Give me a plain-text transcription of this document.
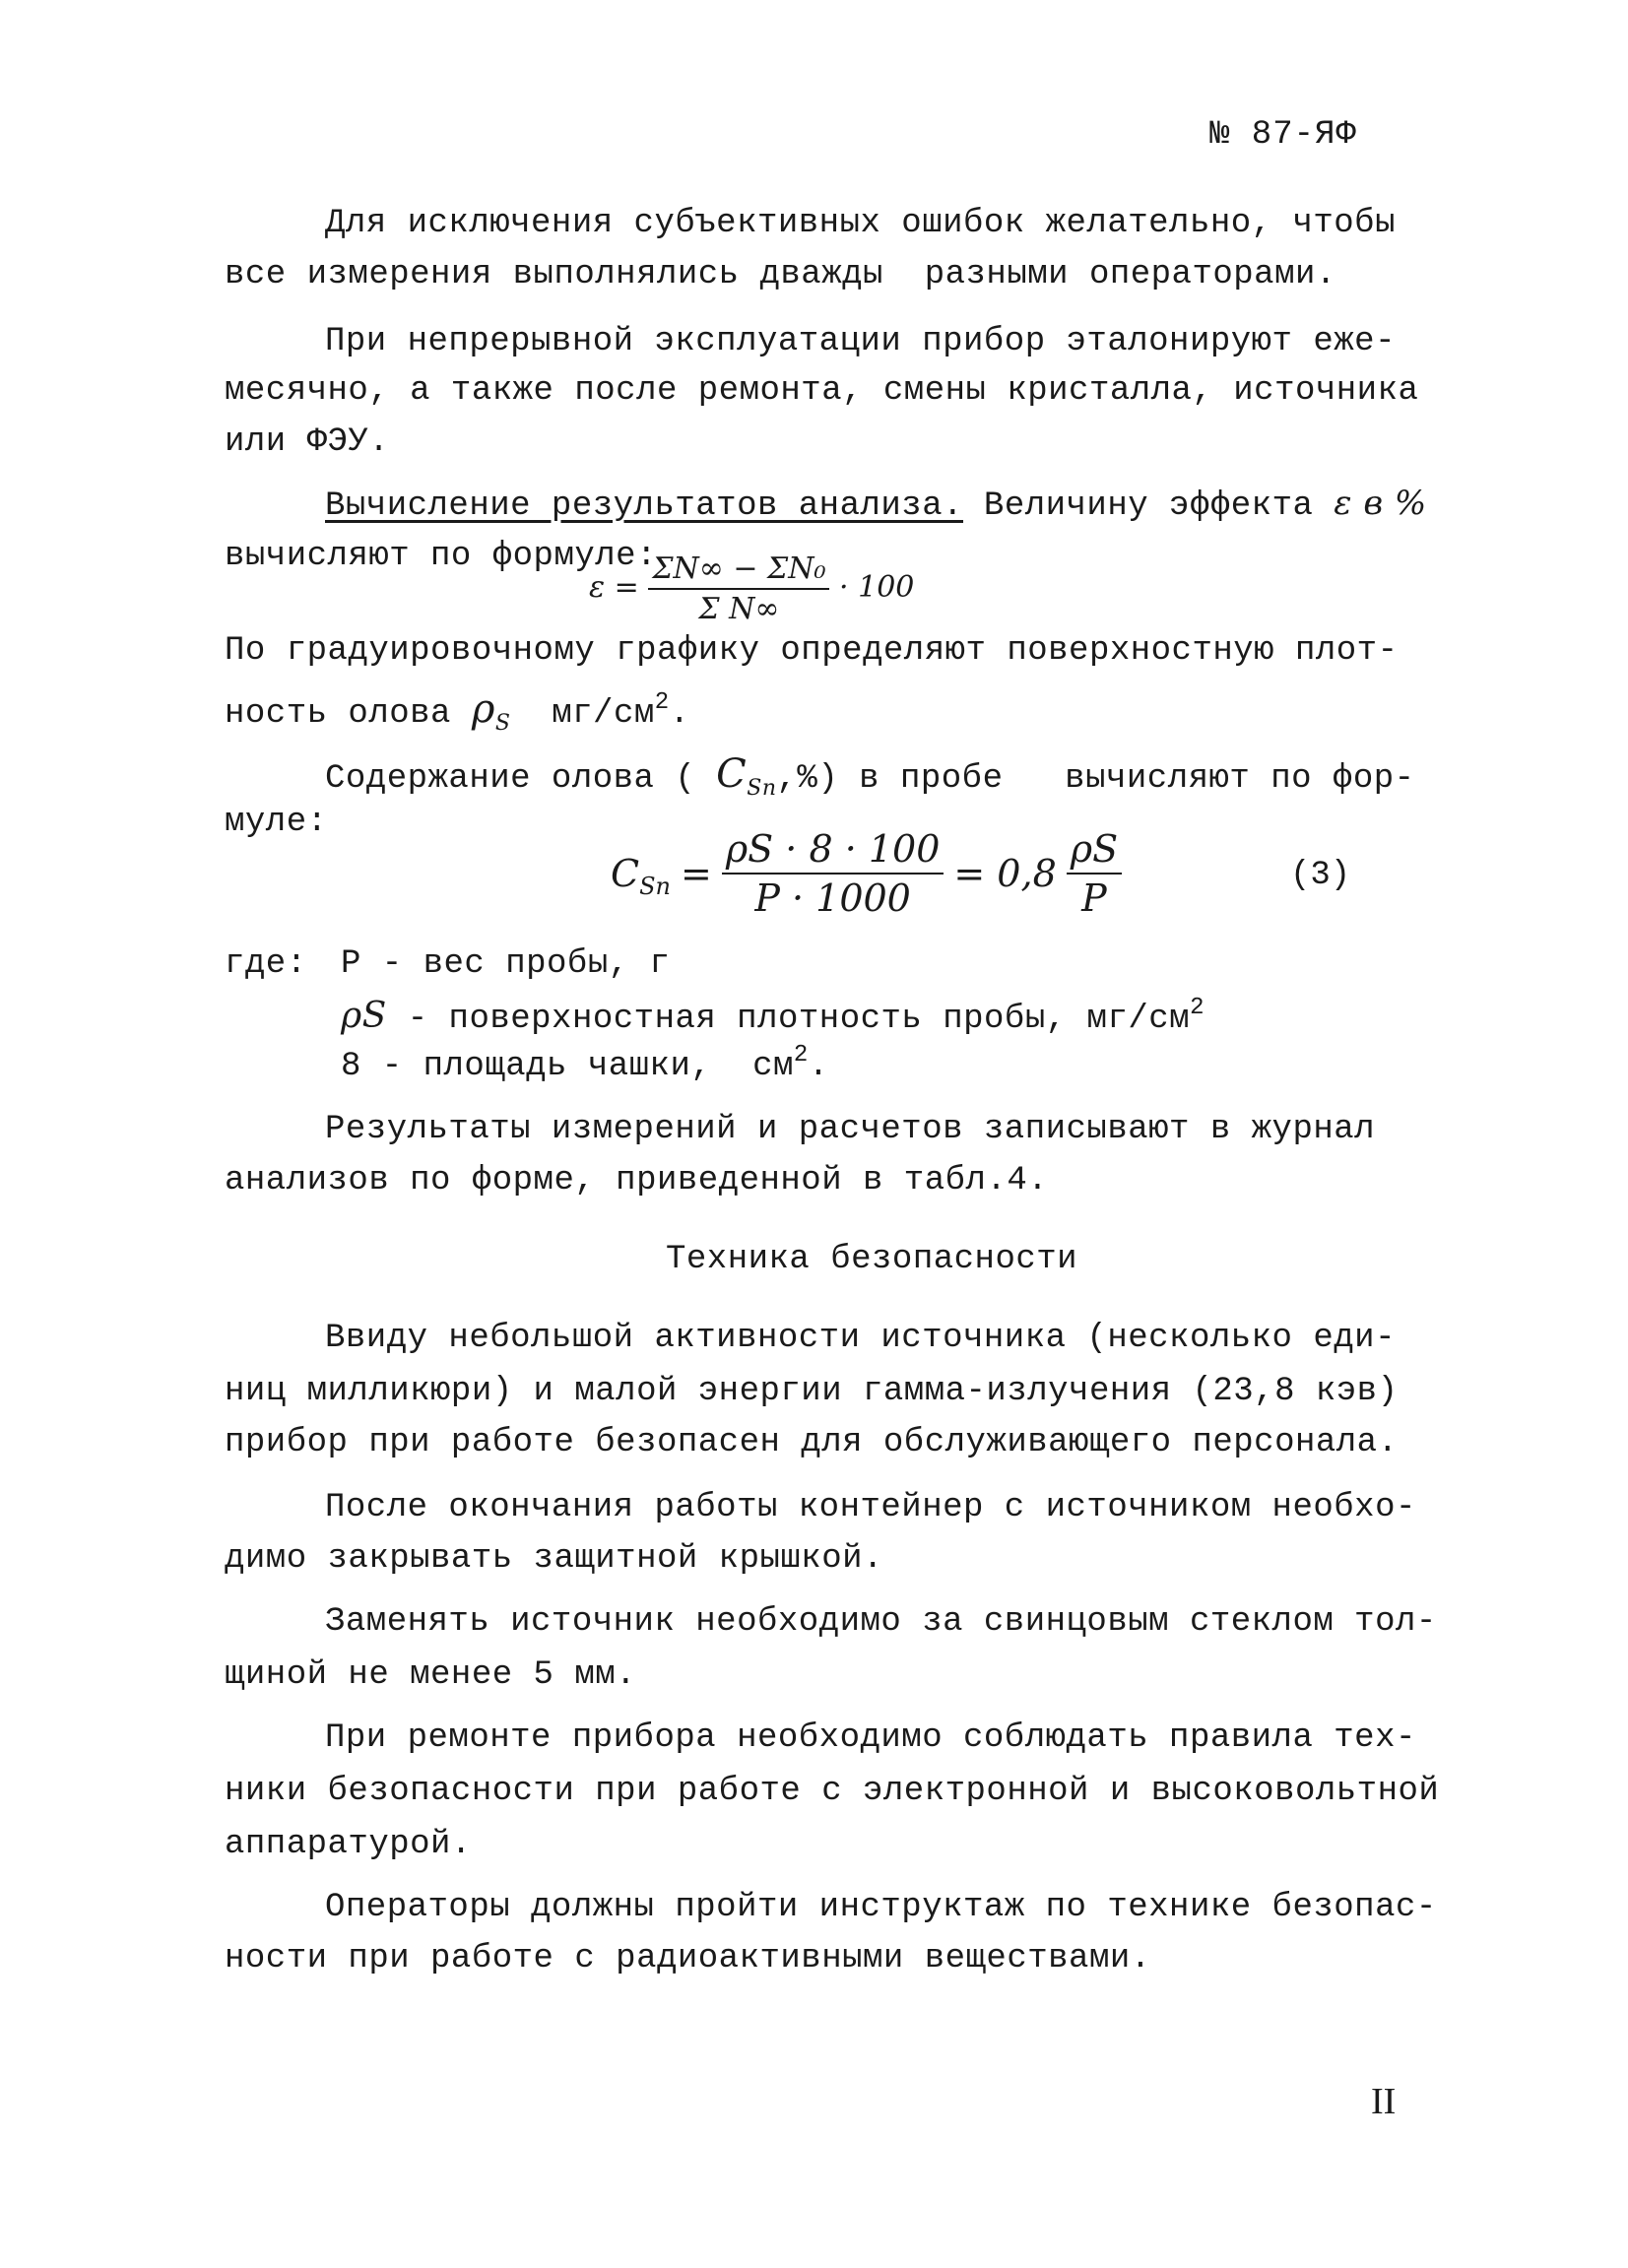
№ 87-ЯФ
Для исключения субъективных ошибок желательно, чтобы
все измерения выполнялись дважды  разными операторами.
При непрерывной эксплуатации прибор эталонируют еже-
месячно, а также после ремонта, смены кристалла, источника
или ФЭУ.
Вычисление результатов анализа. Величину эффекта ε в %
вычисляют по формуле:
$\varepsilon = \frac{\text{ΣN∞ − ΣN₀}}{\text{Σ N∞}} \cdot 100$
По градуировочному графику определяют поверхностную плот-
ность олова $\rho_S$  $мг/см^2$.
Содержание олова ( $C_{Sn},\%$) в пробе   вычисляют по фор-
муле:
$C_{Sn} = \frac{\rho S \cdot 8 \cdot 100}{P \cdot 1000} = 0,8 \frac{\rho S}{P}$	(3)
где: P - вес пробы, г
ρS - поверхностная плотность пробы, $мг/см^2$
8 - площадь чашки,  $см^2$.
Результаты измерений и расчетов записывают в журнал
анализов по форме, приведенной в табл.4.
Техника безопасности
Ввиду небольшой активности источника (несколько еди-
ниц милликюри) и малой энергии гамма-излучения (23,8 кэв)
прибор при работе безопасен для обслуживающего персонала.
После окончания работы контейнер с источником необхо-
димо закрывать защитной крышкой.
Заменять источник необходимо за свинцовым стеклом тол-
щиной не менее 5 мм.
При ремонте прибора необходимо соблюдать правила тех-
ники безопасности при работе с электронной и высоковольтной
аппаратурой.
Операторы должны пройти инструктаж по технике безопас-
ности при работе с радиоактивными веществами.
II
